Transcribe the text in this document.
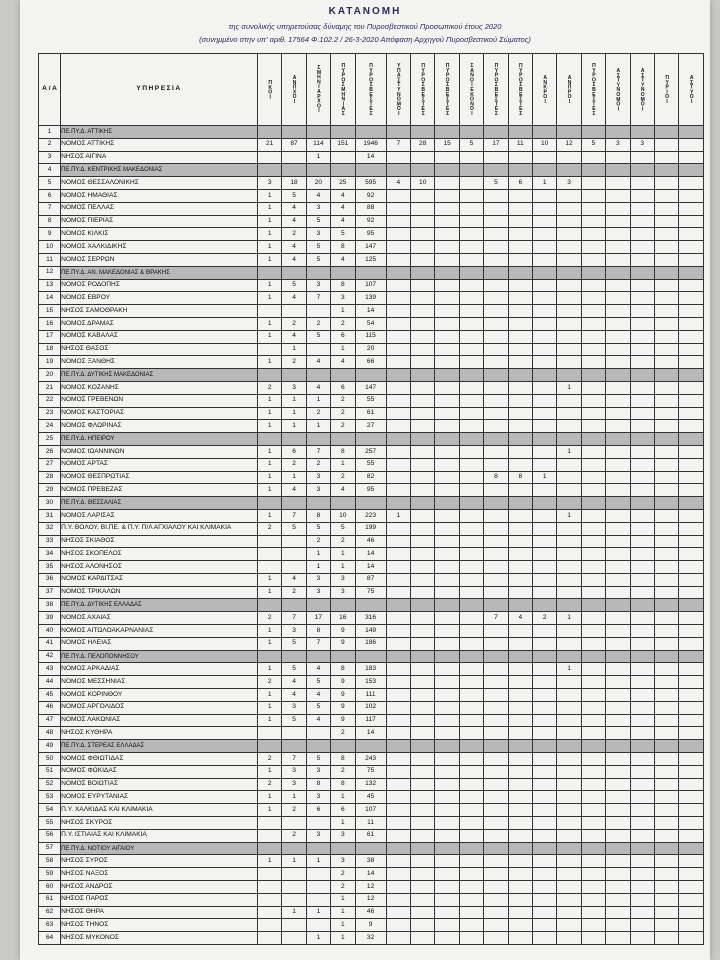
ΚΑΤΑΝΟΜΗ
της συνολικής υπηρετούσας δύναμης του Πυροσβεστικού Προσωπικού έτους 2020
(συνημμένο στην υπ' αριθ. 17564 Φ.102.2 / 26-3-2020 Απόφαση Αρχηγού Πυροσβεστικού Σώματος)
Α / Α	ΥΠΗΡΕΣΙΑ	ΠΚΟΙ	ΑΝΠΧΟΙ	ΣΜΗΝΙΑΡΧΟΙ	ΠΥΡΟΣΜΗΝΙΑΣ	ΠΥΡΟΣΒΕΣΤΕΣ	ΥΠΑΣΤΥΝΟΜΟΙ	ΠΥΡΟΣΒΕΣΤΕΣ	ΠΥΡΟΣΒΕΣΤΕΣ	ΣΑΝΟΙΕΚΟΝΟΙ	ΠΥΡΟΣΒΕΣΤΕΣ	ΠΥΡΟΣΒΕΣΤΕΣ	ΑΝΚΡΟΙ	ΑΝΠΡΟΙ	ΠΥΡΟΣΒΕΣΤΕΣ	ΑΣΤΥΝΟΜΟΙ	ΑΣΤΥΝΟΜΟΙ	ΠΥΡΙΟΙ	ΑΣΤΥΟΙ

1	ΠΕ.ΠΥ.Δ. ΑΤΤΙΚΗΣ																		
2	ΝΟΜΟΣ ΑΤΤΙΚΗΣ	21	87	114	151	1946	7	28	15	5	17	11	10	12	5	3	3		
3	ΝΗΣΟΣ ΑΙΓΙΝΑ			1		14													
4	ΠΕ.ΠΥ.Δ. ΚΕΝΤΡΙΚΗΣ ΜΑΚΕΔΟΝΙΑΣ																		
5	ΝΟΜΟΣ ΘΕΣΣΑΛΟΝΙΚΗΣ	3	18	20	25	595	4	10			5	6	1	3					
6	ΝΟΜΟΣ ΗΜΑΘΙΑΣ	1	5	4	4	92													
7	ΝΟΜΟΣ ΠΕΛΛΑΣ	1	4	3	4	88													
8	ΝΟΜΟΣ ΠΙΕΡΙΑΣ	1	4	5	4	92													
9	ΝΟΜΟΣ ΚΙΛΚΙΣ	1	2	3	5	95													
10	ΝΟΜΟΣ ΧΑΛΚΙΔΙΚΗΣ	1	4	5	8	147													
11	ΝΟΜΟΣ ΣΕΡΡΩΝ	1	4	5	4	125													
12	ΠΕ.ΠΥ.Δ. ΑΝ. ΜΑΚΕΔΟΝΙΑΣ & ΘΡΑΚΗΣ																		
13	ΝΟΜΟΣ ΡΟΔΟΠΗΣ	1	5	3	8	107													
14	ΝΟΜΟΣ ΕΒΡΟΥ	1	4	7	3	139													
15	ΝΗΣΟΣ ΣΑΜΟΘΡΑΚΗ				1	14													
16	ΝΟΜΟΣ ΔΡΑΜΑΣ	1	2	2	2	54													
17	ΝΟΜΟΣ ΚΑΒΑΛΑΣ	1	4	5	6	115													
18	ΝΗΣΟΣ ΘΑΣΟΣ		1		1	20													
19	ΝΟΜΟΣ ΞΑΝΘΗΣ	1	2	4	4	66													
20	ΠΕ.ΠΥ.Δ. ΔΥΤΙΚΗΣ ΜΑΚΕΔΟΝΙΑΣ																		
21	ΝΟΜΟΣ ΚΟΖΑΝΗΣ	2	3	4	6	147								1					
22	ΝΟΜΟΣ ΓΡΕΒΕΝΩΝ	1	1	1	2	55													
23	ΝΟΜΟΣ ΚΑΣΤΟΡΙΑΣ	1	1	2	2	61													
24	ΝΟΜΟΣ ΦΛΩΡΙΝΑΣ	1	1	1	2	27													
25	ΠΕ.ΠΥ.Δ. ΗΠΕΙΡΟΥ																		
26	ΝΟΜΟΣ ΙΩΑΝΝΙΝΩΝ	1	6	7	8	257								1					
27	ΝΟΜΟΣ ΑΡΤΑΣ	1	2	2	1	55													
28	ΝΟΜΟΣ ΘΕΣΠΡΩΤΙΑΣ	1	1	3	2	82					8	8	1						
29	ΝΟΜΟΣ ΠΡΕΒΕΖΑΣ	1	4	3	4	95													
30	ΠΕ.ΠΥ.Δ. ΘΕΣΣΑΛΙΑΣ																		
31	ΝΟΜΟΣ ΛΑΡΙΣΑΣ	1	7	8	10	223	1							1					
32	Π.Υ. ΒΟΛΟΥ, ΒΙ.ΠΕ. & Π.Υ. Π/Λ ΑΓΧΙΑΛΟΥ ΚΑΙ ΚΛΙΜΑΚΙΑ	2	5	5	5	199													
33	ΝΗΣΟΣ ΣΚΙΑΘΟΣ			2	2	46													
34	ΝΗΣΟΣ ΣΚΟΠΕΛΟΣ			1	1	14													
35	ΝΗΣΟΣ ΑΛΟΝΗΣΟΣ			1	1	14													
36	ΝΟΜΟΣ ΚΑΡΔΙΤΣΑΣ	1	4	3	3	87													
37	ΝΟΜΟΣ ΤΡΙΚΑΛΩΝ	1	2	3	3	75													
38	ΠΕ.ΠΥ.Δ. ΔΥΤΙΚΗΣ ΕΛΛΑΔΑΣ																		
39	ΝΟΜΟΣ ΑΧΑΙΑΣ	2	7	17	16	316					7	4	2	1					
40	ΝΟΜΟΣ ΑΙΤΩΛΟΑΚΑΡΝΑΝΙΑΣ	1	3	8	9	149													
41	ΝΟΜΟΣ ΗΛΕΙΑΣ	1	5	7	9	186													
42	ΠΕ.ΠΥ.Δ. ΠΕΛΟΠΟΝΝΗΣΟΥ																		
43	ΝΟΜΟΣ ΑΡΚΑΔΙΑΣ	1	5	4	8	183								1					
44	ΝΟΜΟΣ ΜΕΣΣΗΝΙΑΣ	2	4	5	9	153													
45	ΝΟΜΟΣ ΚΟΡΙΝΘΟΥ	1	4	4	9	111													
46	ΝΟΜΟΣ ΑΡΓΟΛΙΔΟΣ	1	3	5	9	102													
47	ΝΟΜΟΣ ΛΑΚΩΝΙΑΣ	1	5	4	9	117													
48	ΝΗΣΟΣ ΚΥΘΗΡΑ				2	14													
49	ΠΕ.ΠΥ.Δ. ΣΤΕΡΕΑΣ ΕΛΛΑΔΑΣ																		
50	ΝΟΜΟΣ ΦΘΙΩΤΙΔΑΣ	2	7	5	8	243													
51	ΝΟΜΟΣ ΦΩΚΙΔΑΣ	1	3	3	2	75													
52	ΝΟΜΟΣ ΒΟΙΩΤΙΑΣ	2	3	8	8	132													
53	ΝΟΜΟΣ ΕΥΡΥΤΑΝΙΑΣ	1	1	3	1	45													
54	Π.Υ. ΧΑΛΚΙΔΑΣ ΚΑΙ ΚΛΙΜΑΚΙΑ	1	2	6	6	107													
55	ΝΗΣΟΣ ΣΚΥΡΟΣ				1	11													
56	Π.Υ. ΙΣΤΙΑΙΑΣ ΚΑΙ ΚΛΙΜΑΚΙΑ		2	3	3	61													
57	ΠΕ.ΠΥ.Δ. ΝΟΤΙΟΥ ΑΙΓΑΙΟΥ																		
58	ΝΗΣΟΣ ΣΥΡΟΣ	1	1	1	3	38													
59	ΝΗΣΟΣ ΝΑΞΟΣ				2	14													
60	ΝΗΣΟΣ ΑΝΔΡΟΣ				2	12													
61	ΝΗΣΟΣ ΠΑΡΟΣ				1	12													
62	ΝΗΣΟΣ ΘΗΡΑ		1	1	1	46													
63	ΝΗΣΟΣ ΤΗΝΟΣ				1	9													
64	ΝΗΣΟΣ ΜΥΚΟΝΟΣ			1	1	32													
